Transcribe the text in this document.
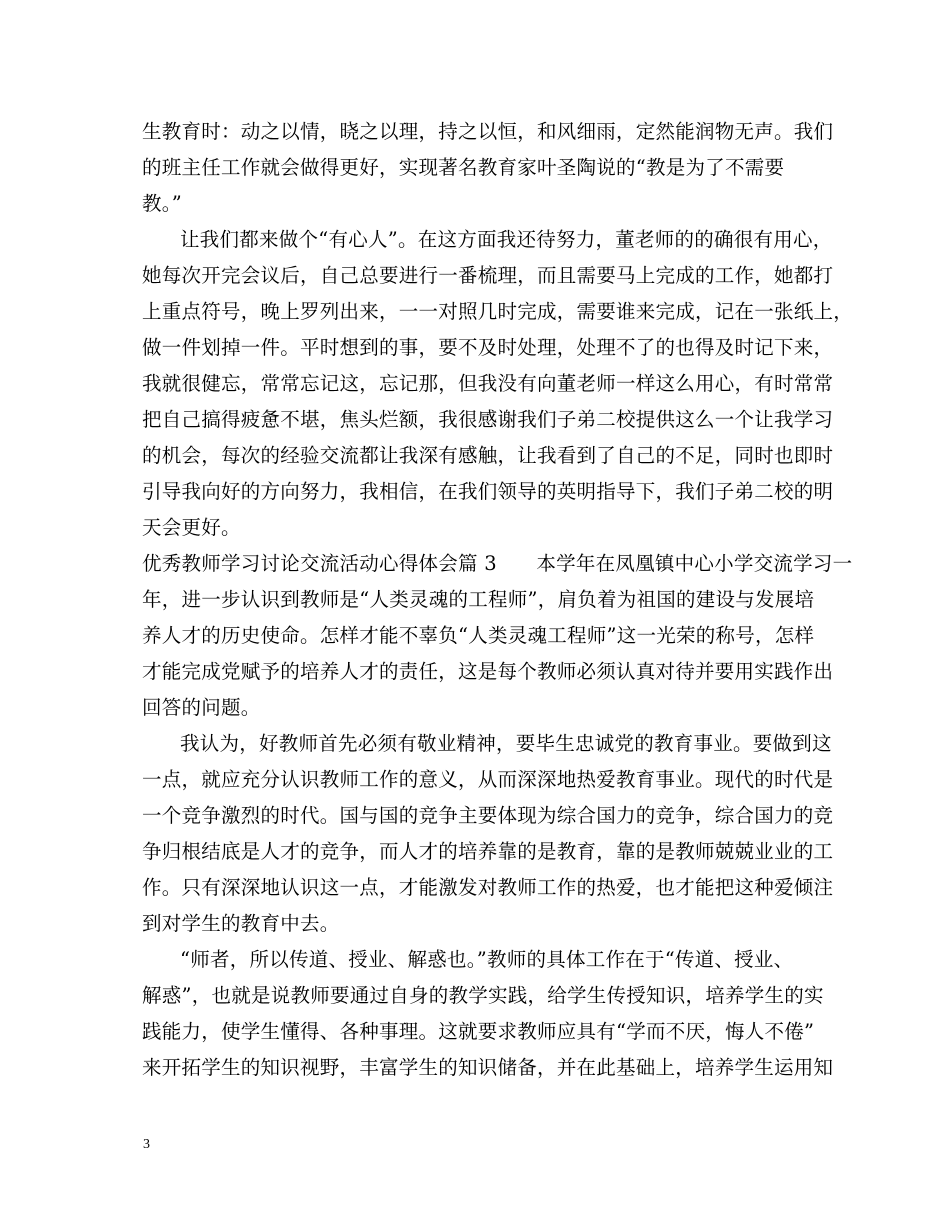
生教育时：动之以情，晓之以理，持之以恒，和风细雨，定然能润物无声。我们
的班主任工作就会做得更好，实现著名教育家叶圣陶说的“教是为了不需要
教。”
让我们都来做个“有心人”。在这方面我还待努力，董老师的的确很有用心，
她每次开完会议后，自己总要进行一番梳理，而且需要马上完成的工作，她都打
上重点符号，晚上罗列出来，一一对照几时完成，需要谁来完成，记在一张纸上，
做一件划掉一件。平时想到的事，要不及时处理，处理不了的也得及时记下来，
我就很健忘，常常忘记这，忘记那，但我没有向董老师一样这么用心，有时常常
把自己搞得疲惫不堪，焦头烂额，我很感谢我们子弟二校提供这么一个让我学习
的机会，每次的经验交流都让我深有感触，让我看到了自己的不足，同时也即时
引导我向好的方向努力，我相信，在我们领导的英明指导下，我们子弟二校的明
天会更好。
优秀教师学习讨论交流活动心得体会篇 3　　本学年在凤凰镇中心小学交流学习一
年，进一步认识到教师是“人类灵魂的工程师”，肩负着为祖国的建设与发展培
养人才的历史使命。怎样才能不辜负“人类灵魂工程师”这一光荣的称号，怎样
才能完成党赋予的培养人才的责任，这是每个教师必须认真对待并要用实践作出
回答的问题。
我认为，好教师首先必须有敬业精神，要毕生忠诚党的教育事业。要做到这
一点，就应充分认识教师工作的意义，从而深深地热爱教育事业。现代的时代是
一个竞争激烈的时代。国与国的竞争主要体现为综合国力的竞争，综合国力的竞
争归根结底是人才的竞争，而人才的培养靠的是教育，靠的是教师兢兢业业的工
作。只有深深地认识这一点，才能激发对教师工作的热爱，也才能把这种爱倾注
到对学生的教育中去。
“师者，所以传道、授业、解惑也。”教师的具体工作在于“传道、授业、
解惑”，也就是说教师要通过自身的教学实践，给学生传授知识，培养学生的实
践能力，使学生懂得、各种事理。这就要求教师应具有“学而不厌，悔人不倦”
来开拓学生的知识视野，丰富学生的知识储备，并在此基础上，培养学生运用知
3
